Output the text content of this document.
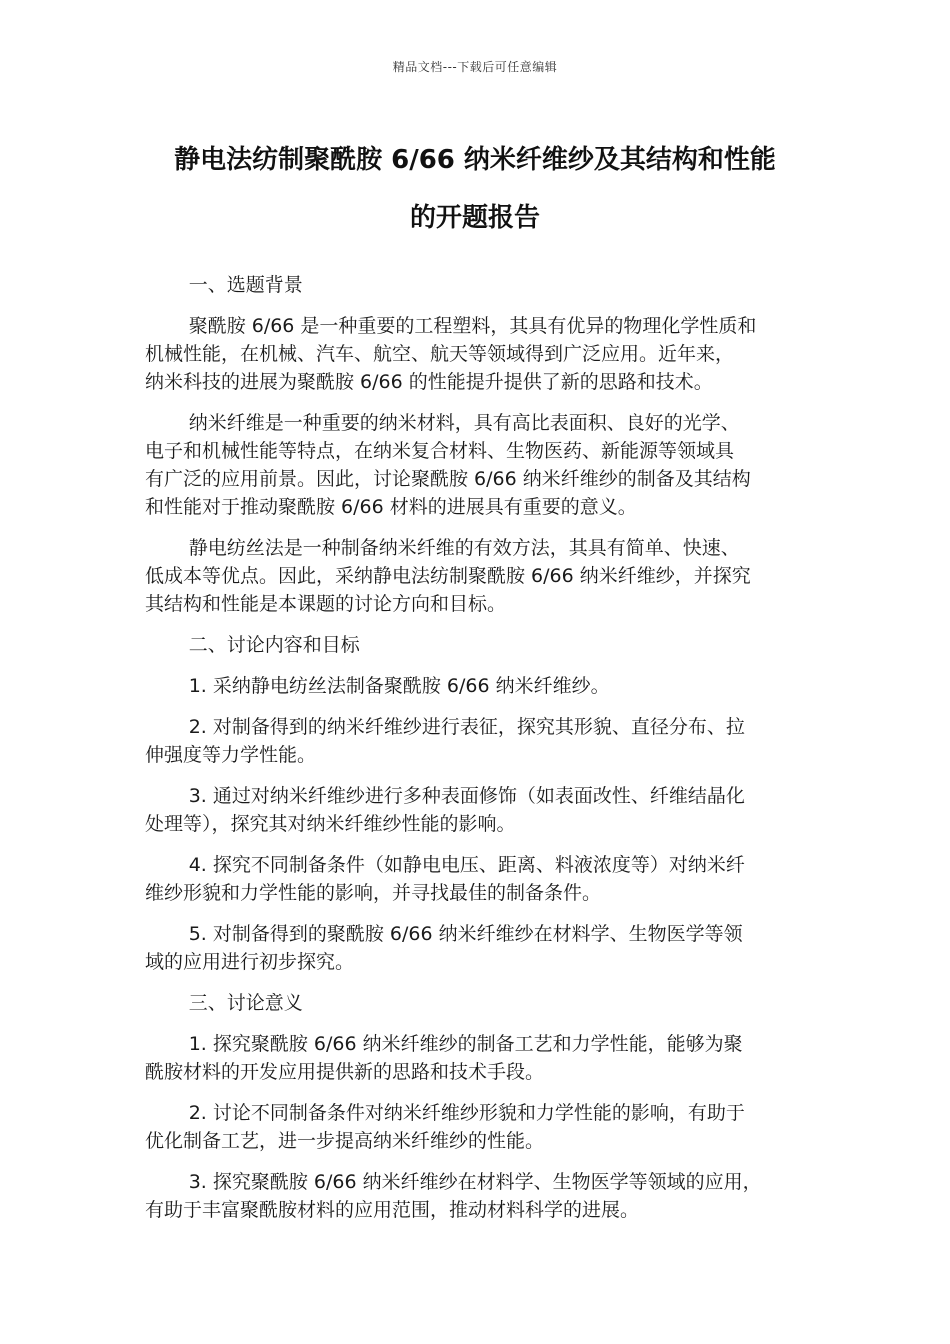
精品文档---下载后可任意编辑
静电法纺制聚酰胺 6/66 纳米纤维纱及其结构和性能
的开题报告

一、选题背景

聚酰胺 6/66 是一种重要的工程塑料，其具有优异的物理化学性质和
机械性能，在机械、汽车、航空、航天等领域得到广泛应用。近年来，
纳米科技的进展为聚酰胺 6/66 的性能提升提供了新的思路和技术。

纳米纤维是一种重要的纳米材料，具有高比表面积、良好的光学、
电子和机械性能等特点，在纳米复合材料、生物医药、新能源等领域具
有广泛的应用前景。因此，讨论聚酰胺 6/66 纳米纤维纱的制备及其结构
和性能对于推动聚酰胺 6/66 材料的进展具有重要的意义。

静电纺丝法是一种制备纳米纤维的有效方法，其具有简单、快速、
低成本等优点。因此，采纳静电法纺制聚酰胺 6/66 纳米纤维纱，并探究
其结构和性能是本课题的讨论方向和目标。

二、讨论内容和目标

1. 采纳静电纺丝法制备聚酰胺 6/66 纳米纤维纱。

2. 对制备得到的纳米纤维纱进行表征，探究其形貌、直径分布、拉
伸强度等力学性能。

3. 通过对纳米纤维纱进行多种表面修饰（如表面改性、纤维结晶化
处理等），探究其对纳米纤维纱性能的影响。

4. 探究不同制备条件（如静电电压、距离、料液浓度等）对纳米纤
维纱形貌和力学性能的影响，并寻找最佳的制备条件。

5. 对制备得到的聚酰胺 6/66 纳米纤维纱在材料学、生物医学等领
域的应用进行初步探究。

三、讨论意义

1. 探究聚酰胺 6/66 纳米纤维纱的制备工艺和力学性能，能够为聚
酰胺材料的开发应用提供新的思路和技术手段。

2. 讨论不同制备条件对纳米纤维纱形貌和力学性能的影响，有助于
优化制备工艺，进一步提高纳米纤维纱的性能。

3. 探究聚酰胺 6/66 纳米纤维纱在材料学、生物医学等领域的应用，
有助于丰富聚酰胺材料的应用范围，推动材料科学的进展。
